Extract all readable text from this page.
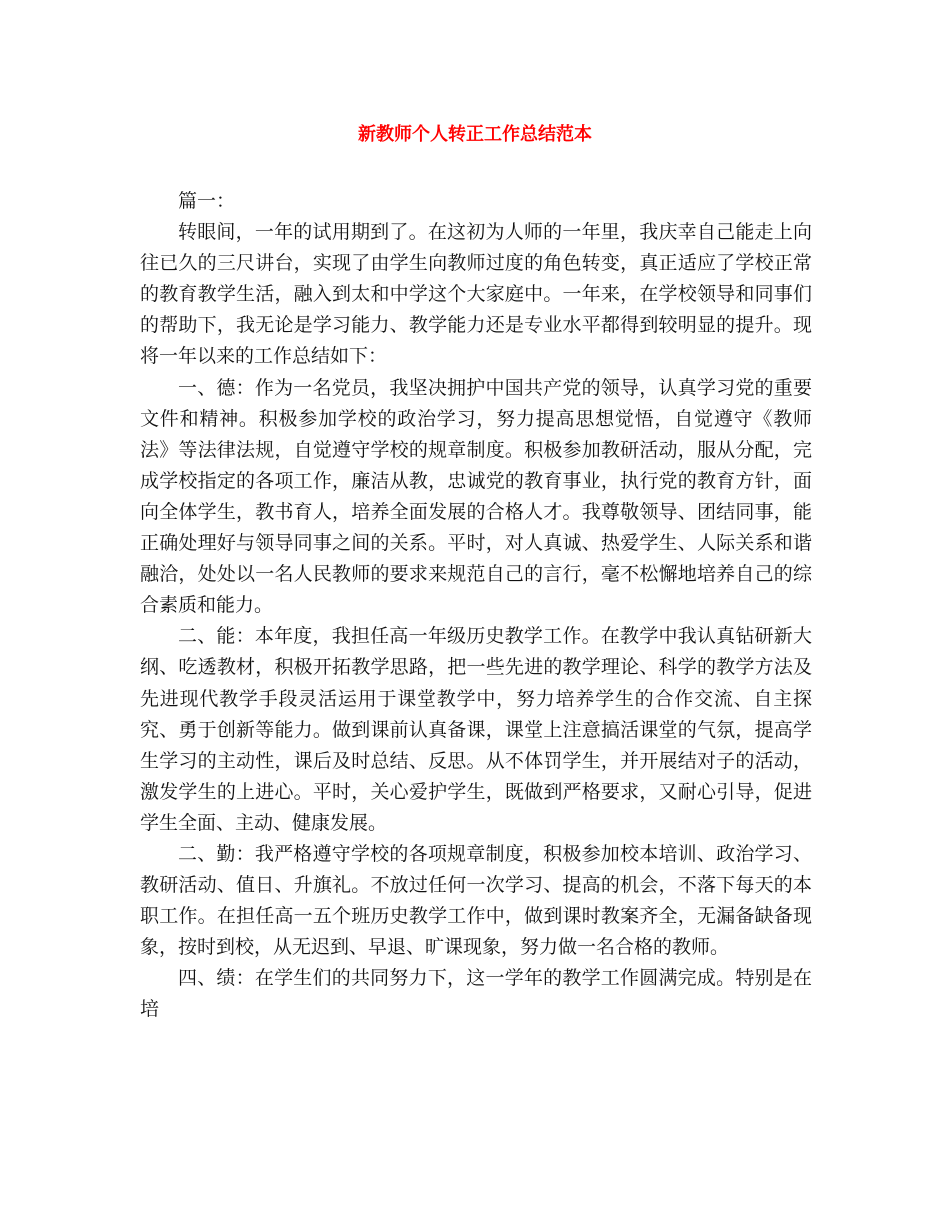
新教师个人转正工作总结范本

篇一：

转眼间，一年的试用期到了。在这初为人师的一年里，我庆幸自己能走上向往已久的三尺讲台，实现了由学生向教师过度的角色转变，真正适应了学校正常的教育教学生活，融入到太和中学这个大家庭中。一年来，在学校领导和同事们的帮助下，我无论是学习能力、教学能力还是专业水平都得到较明显的提升。现将一年以来的工作总结如下：

一、德：作为一名党员，我坚决拥护中国共产党的领导，认真学习党的重要文件和精神。积极参加学校的政治学习，努力提高思想觉悟，自觉遵守《教师法》等法律法规，自觉遵守学校的规章制度。积极参加教研活动，服从分配，完成学校指定的各项工作，廉洁从教，忠诚党的教育事业，执行党的教育方针，面向全体学生，教书育人，培养全面发展的合格人才。我尊敬领导、团结同事，能正确处理好与领导同事之间的关系。平时，对人真诚、热爱学生、人际关系和谐融洽，处处以一名人民教师的要求来规范自己的言行，毫不松懈地培养自己的综合素质和能力。

二、能：本年度，我担任高一年级历史教学工作。在教学中我认真钻研新大纲、吃透教材，积极开拓教学思路，把一些先进的教学理论、科学的教学方法及先进现代教学手段灵活运用于课堂教学中，努力培养学生的合作交流、自主探究、勇于创新等能力。做到课前认真备课，课堂上注意搞活课堂的气氛，提高学生学习的主动性，课后及时总结、反思。从不体罚学生，并开展结对子的活动，激发学生的上进心。平时，关心爱护学生，既做到严格要求，又耐心引导，促进学生全面、主动、健康发展。

二、勤：我严格遵守学校的各项规章制度，积极参加校本培训、政治学习、教研活动、值日、升旗礼。不放过任何一次学习、提高的机会，不落下每天的本职工作。在担任高一五个班历史教学工作中，做到课时教案齐全，无漏备缺备现象，按时到校，从无迟到、早退、旷课现象，努力做一名合格的教师。

四、绩：在学生们的共同努力下，这一学年的教学工作圆满完成。特别是在培
